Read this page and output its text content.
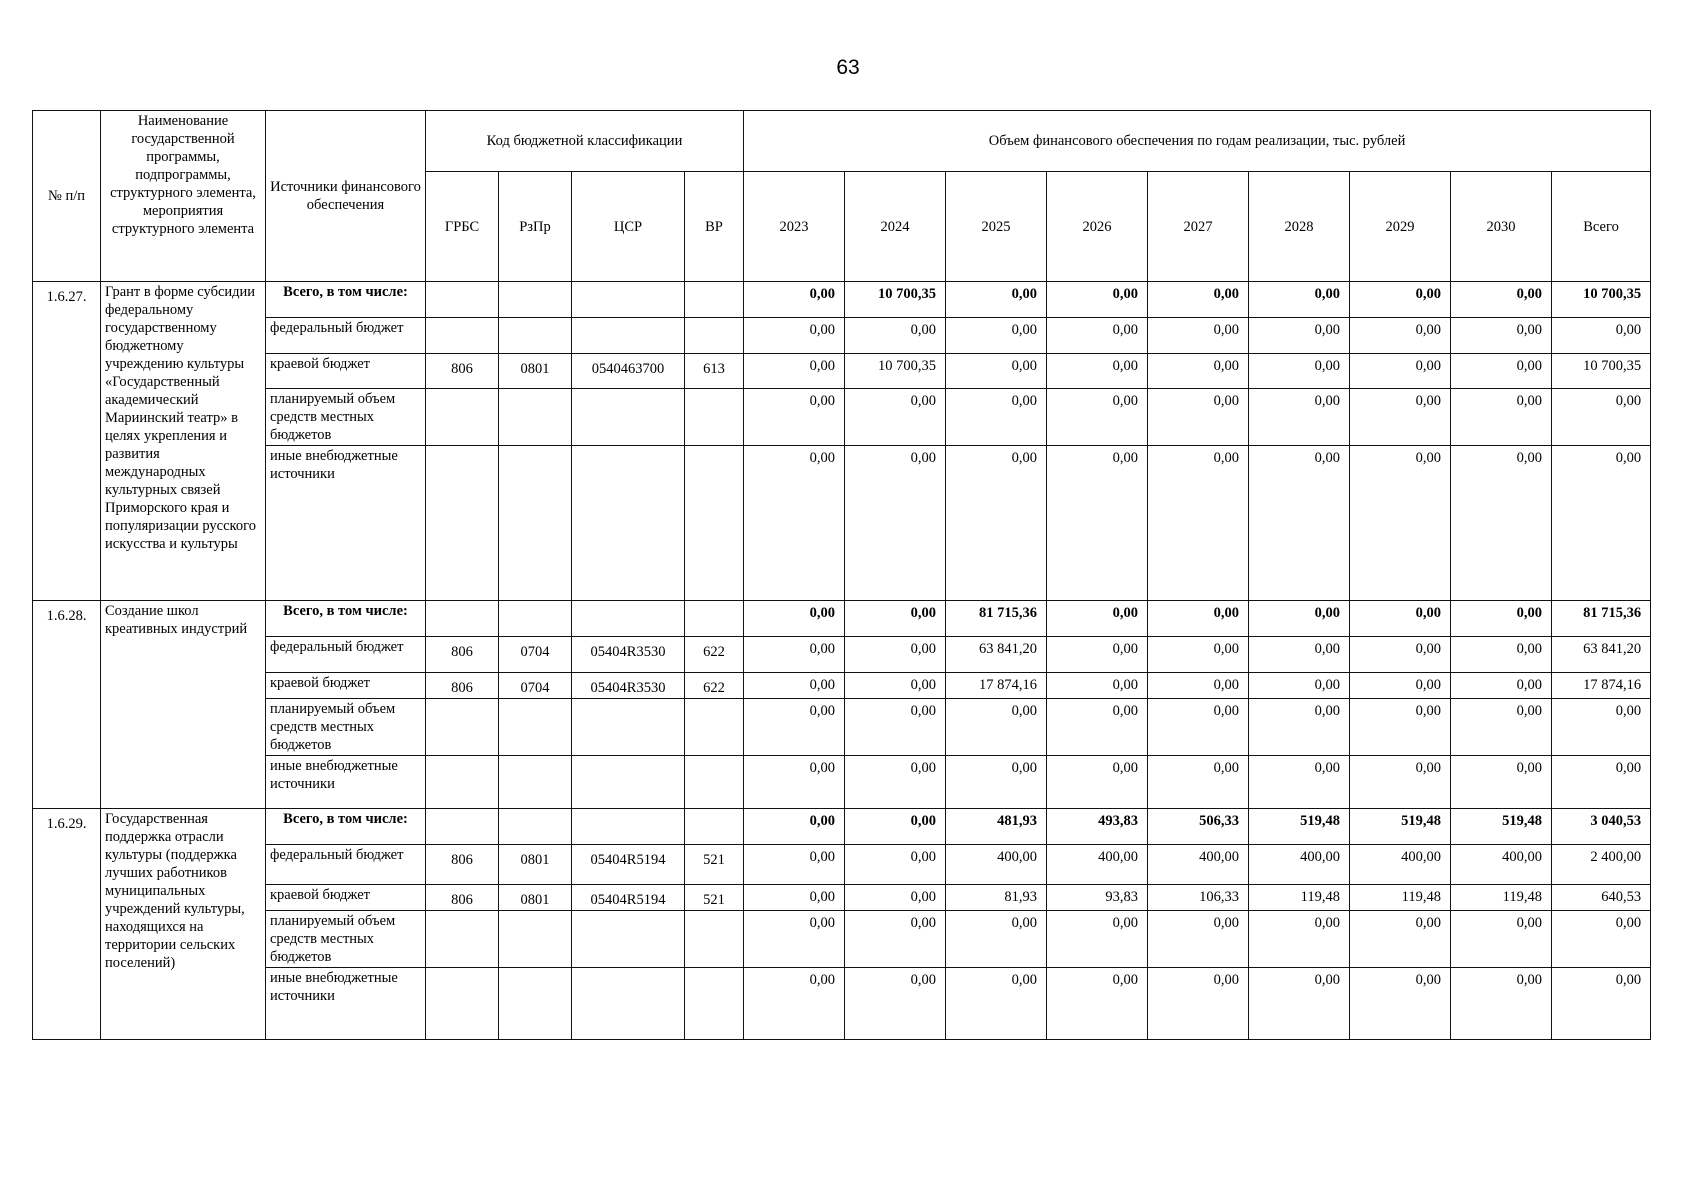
63
№ п/п	Наименование государственной программы, подпрограммы, структурного элемента, мероприятия структурного элемента	Источники финансового обеспечения	Код бюджетной классификации				Объем финансового обеспечения по годам реализации, тыс. рублей								
			ГРБС	РзПр	ЦСР	ВР	2023	2024	2025	2026	2027	2028	2029	2030	Всего
1.6.27.	Грант в форме субсидии федеральному государственному бюджетному учреждению культуры «Государственный академический Мариинский театр» в целях укрепления и развития международных культурных связей Приморского края и популяризации русского искусства и культуры	Всего, в том числе:					0,00	10 700,35	0,00	0,00	0,00	0,00	0,00	0,00	10 700,35
		федеральный бюджет					0,00	0,00	0,00	0,00	0,00	0,00	0,00	0,00	0,00
		краевой бюджет	806	0801	0540463700	613	0,00	10 700,35	0,00	0,00	0,00	0,00	0,00	0,00	10 700,35
		планируемый объем средств местных бюджетов					0,00	0,00	0,00	0,00	0,00	0,00	0,00	0,00	0,00
		иные внебюджетные источники					0,00	0,00	0,00	0,00	0,00	0,00	0,00	0,00	0,00
1.6.28.	Создание школ креативных индустрий	Всего, в том числе:					0,00	0,00	81 715,36	0,00	0,00	0,00	0,00	0,00	81 715,36
		федеральный бюджет	806	0704	05404R3530	622	0,00	0,00	63 841,20	0,00	0,00	0,00	0,00	0,00	63 841,20
		краевой бюджет	806	0704	05404R3530	622	0,00	0,00	17 874,16	0,00	0,00	0,00	0,00	0,00	17 874,16
		планируемый объем средств местных бюджетов					0,00	0,00	0,00	0,00	0,00	0,00	0,00	0,00	0,00
		иные внебюджетные источники					0,00	0,00	0,00	0,00	0,00	0,00	0,00	0,00	0,00
1.6.29.	Государственная поддержка отрасли культуры (поддержка лучших работников муниципальных учреждений культуры, находящихся на территории сельских поселений)	Всего, в том числе:					0,00	0,00	481,93	493,83	506,33	519,48	519,48	519,48	3 040,53
		федеральный бюджет	806	0801	05404R5194	521	0,00	0,00	400,00	400,00	400,00	400,00	400,00	400,00	2 400,00
		краевой бюджет	806	0801	05404R5194	521	0,00	0,00	81,93	93,83	106,33	119,48	119,48	119,48	640,53
		планируемый объем средств местных бюджетов					0,00	0,00	0,00	0,00	0,00	0,00	0,00	0,00	0,00
		иные внебюджетные источники					0,00	0,00	0,00	0,00	0,00	0,00	0,00	0,00	0,00
